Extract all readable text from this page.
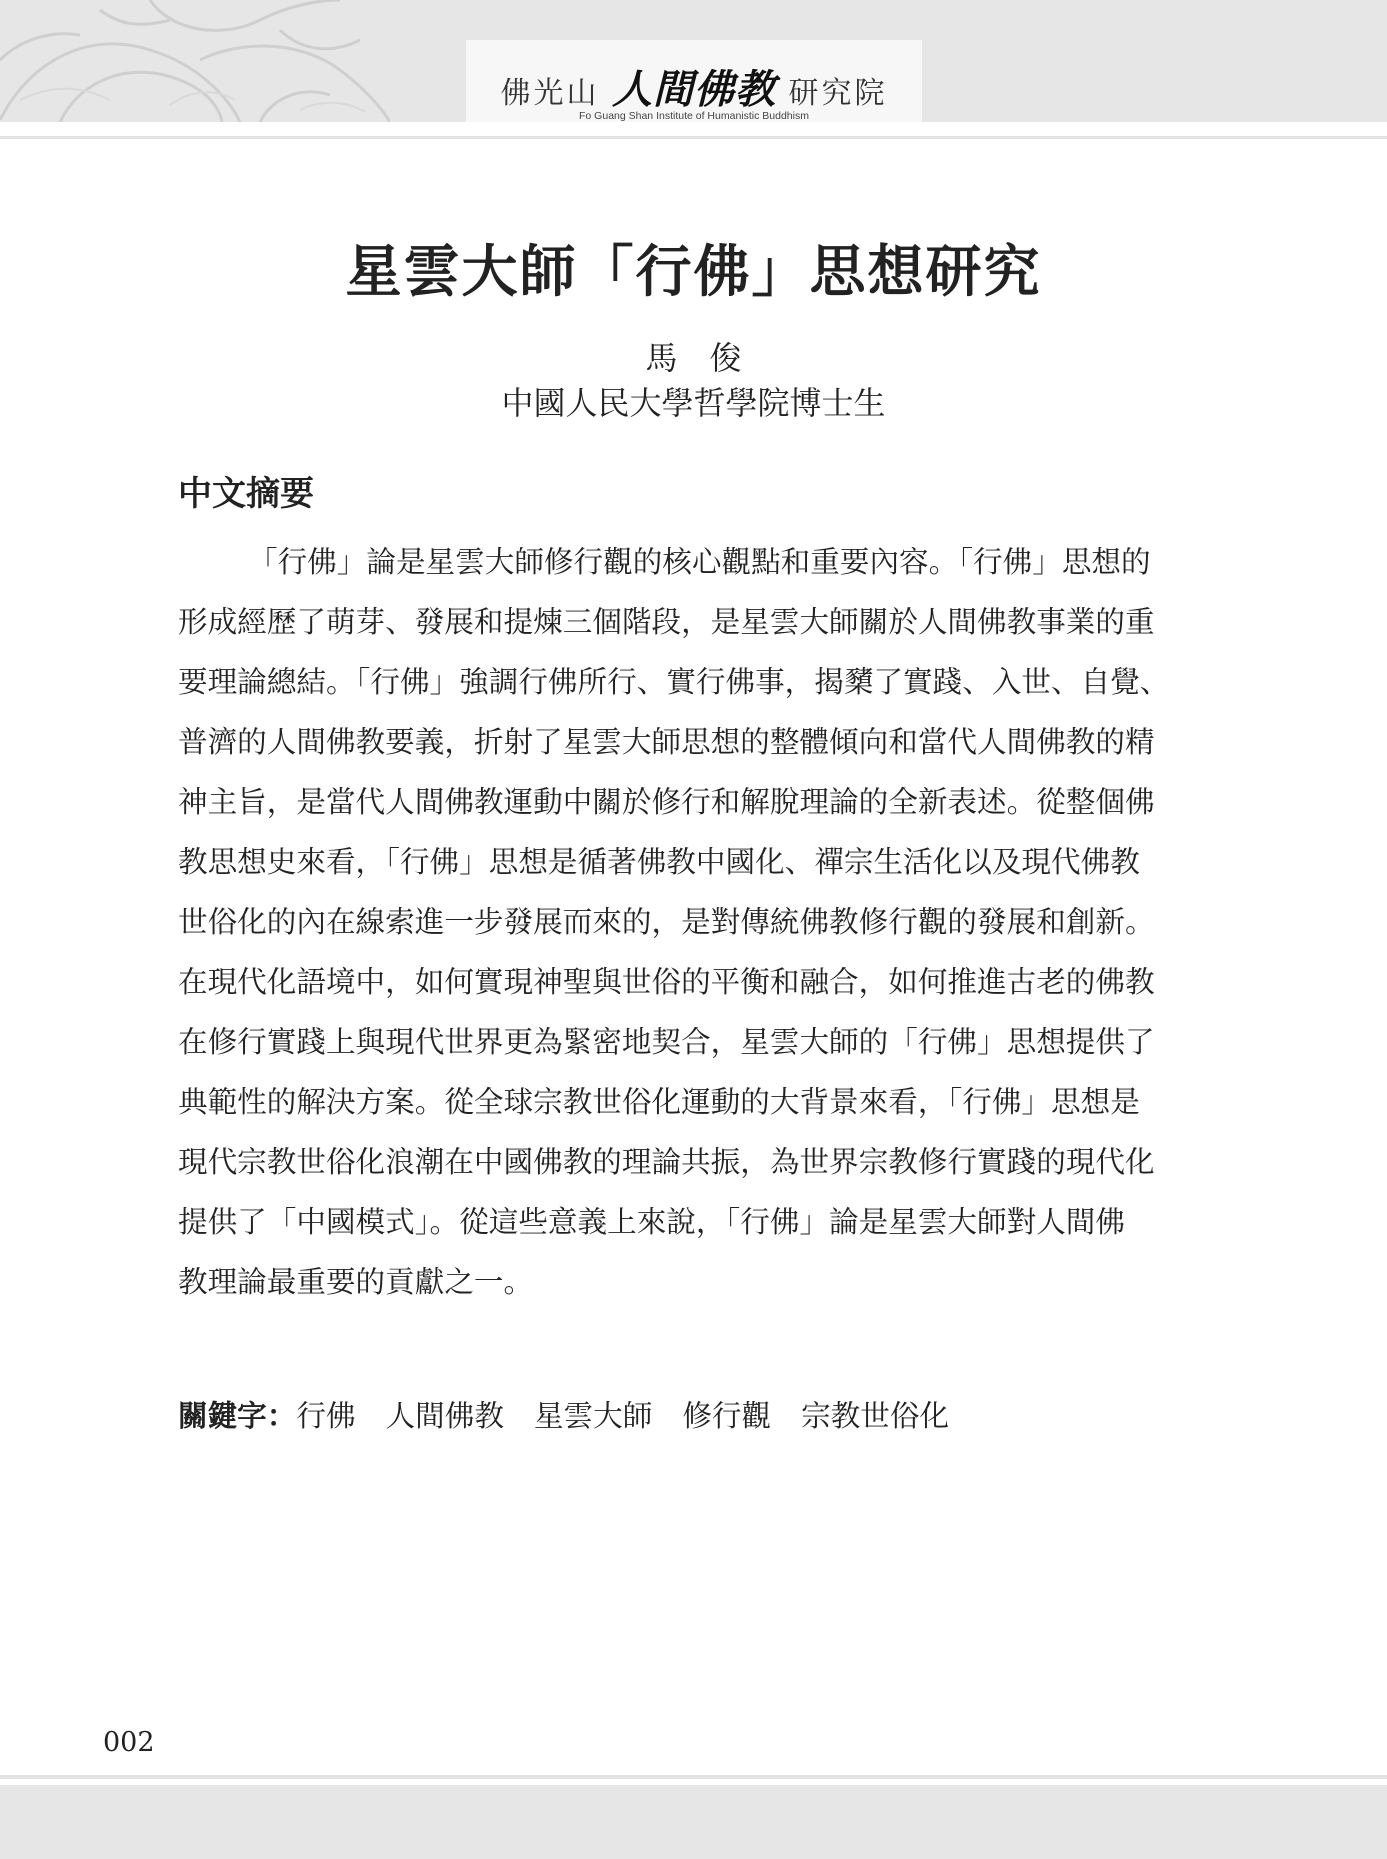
佛光山 人間佛教 研究院
Fo Guang Shan Institute of Humanistic Buddhism
星雲大師「行佛」思想研究
馬　俊
中國人民大學哲學院博士生
中文摘要
「行佛」論是星雲大師修行觀的核心觀點和重要內容。「行佛」思想的
形成經歷了萌芽、發展和提煉三個階段，是星雲大師關於人間佛教事業的重
要理論總結。「行佛」強調行佛所行、實行佛事，揭櫫了實踐、入世、自覺、
普濟的人間佛教要義，折射了星雲大師思想的整體傾向和當代人間佛教的精
神主旨，是當代人間佛教運動中關於修行和解脫理論的全新表述。從整個佛
教思想史來看，「行佛」思想是循著佛教中國化、禪宗生活化以及現代佛教
世俗化的內在線索進一步發展而來的，是對傳統佛教修行觀的發展和創新。
在現代化語境中，如何實現神聖與世俗的平衡和融合，如何推進古老的佛教
在修行實踐上與現代世界更為緊密地契合，星雲大師的「行佛」思想提供了
典範性的解決方案。從全球宗教世俗化運動的大背景來看，「行佛」思想是
現代宗教世俗化浪潮在中國佛教的理論共振，為世界宗教修行實踐的現代化
提供了「中國模式」。從這些意義上來說，「行佛」論是星雲大師對人間佛
教理論最重要的貢獻之一。
關鍵字：行佛 人間佛教 星雲大師 修行觀 宗教世俗化
002
